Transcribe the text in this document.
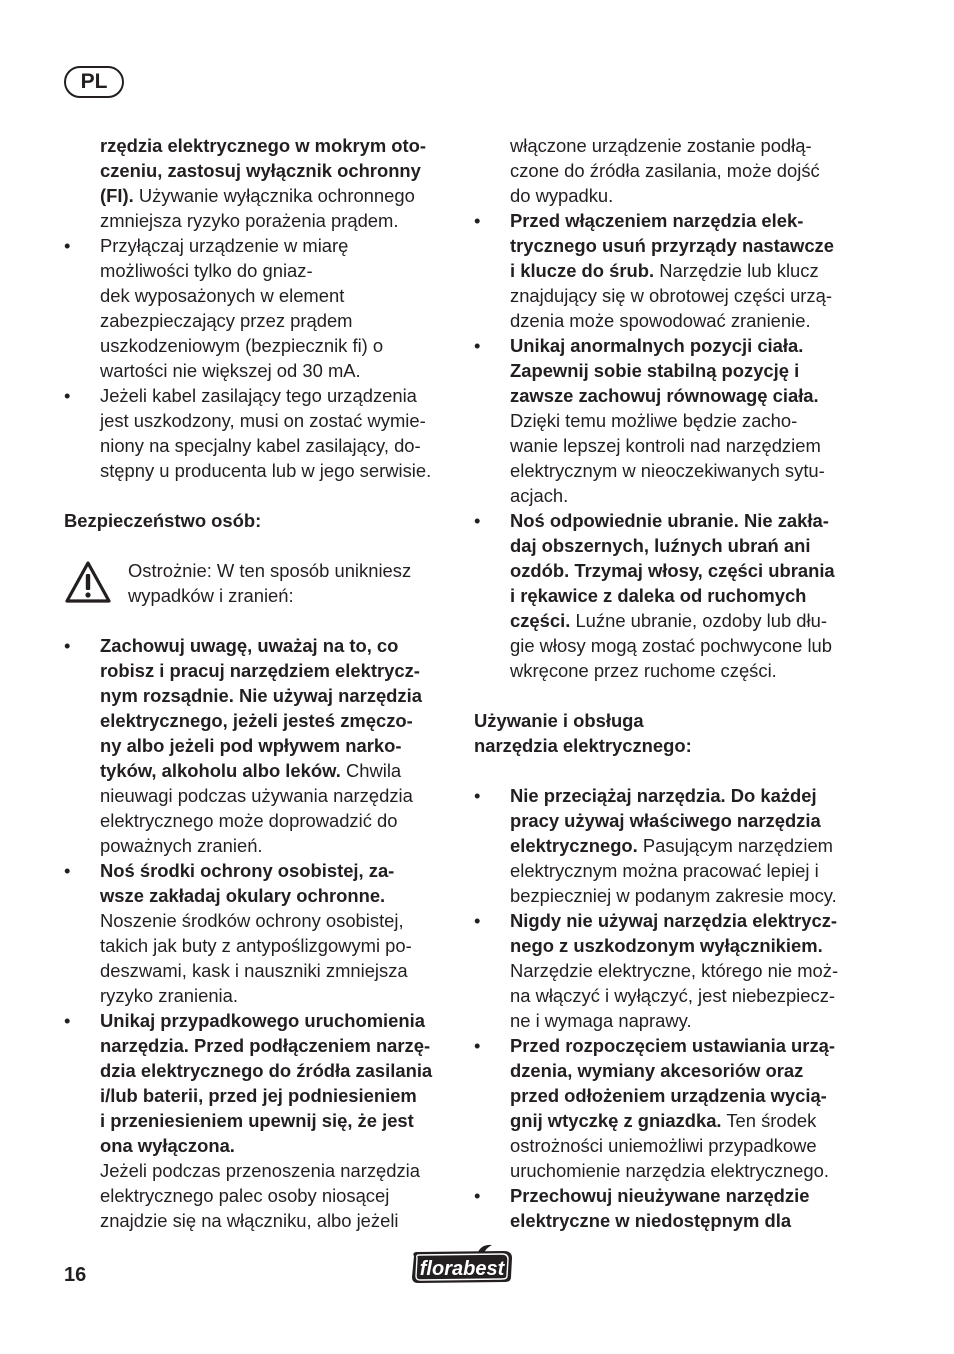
PL
rzędzia elektrycznego w mokrym oto-
czeniu, zastosuj wyłącznik ochronny
(FI). Używanie wyłącznika ochronnego
zmniejsza ryzyko porażenia prądem.
•	Przyłączaj urządzenie w miarę
możliwości tylko do gniaz-
dek wyposażonych w element
zabezpieczający przez prądem
uszkodzeniowym (bezpiecznik fi) o
wartości nie większej od 30 mA.
•	Jeżeli kabel zasilający tego urządzenia
jest uszkodzony, musi on zostać wymie-
niony na specjalny kabel zasilający, do-
stępny u producenta lub w jego serwisie.
Bezpieczeństwo osób:
Ostrożnie: W ten sposób unikniesz
wypadków i zranień:
•	Zachowuj uwagę, uważaj na to, co
robisz i pracuj narzędziem elektrycz-
nym rozsądnie. Nie używaj narzędzia
elektrycznego, jeżeli jesteś zmęczo-
ny albo jeżeli pod wpływem narko-
tyków, alkoholu albo leków. Chwila
nieuwagi podczas używania narzędzia
elektrycznego może doprowadzić do
poważnych zranień.
•	Noś środki ochrony osobistej, za-
wsze zakładaj okulary ochronne.
Noszenie środków ochrony osobistej,
takich jak buty z antypoślizgowymi po-
deszwami, kask i nauszniki zmniejsza
ryzyko zranienia.
•	Unikaj przypadkowego uruchomienia
narzędzia. Przed podłączeniem narzę-
dzia elektrycznego do źródła zasilania
i/lub baterii, przed jej podniesieniem
i przeniesieniem upewnij się, że jest
ona wyłączona.
Jeżeli podczas przenoszenia narzędzia
elektrycznego palec osoby niosącej
znajdzie się na włączniku, albo jeżeli
włączone urządzenie zostanie podłą-
czone do źródła zasilania, może dojść
do wypadku.
•	Przed włączeniem narzędzia elek-
trycznego usuń przyrządy nastawcze
i klucze do śrub. Narzędzie lub klucz
znajdujący się w obrotowej części urzą-
dzenia może spowodować zranienie.
•	Unikaj anormalnych pozycji ciała.
Zapewnij sobie stabilną pozycję i
zawsze zachowuj równowagę ciała.
Dzięki temu możliwe będzie zacho-
wanie lepszej kontroli nad narzędziem
elektrycznym w nieoczekiwanych sytu-
acjach.
•	Noś odpowiednie ubranie. Nie zakła-
daj obszernych, luźnych ubrań ani
ozdób. Trzymaj włosy, części ubrania
i rękawice z daleka od ruchomych
części. Luźne ubranie, ozdoby lub dłu-
gie włosy mogą zostać pochwycone lub
wkręcone przez ruchome części.
Używanie i obsługa
narzędzia elektrycznego:
•	Nie przeciążaj narzędzia. Do każdej
pracy używaj właściwego narzędzia
elektrycznego. Pasującym narzędziem
elektrycznym można pracować lepiej i
bezpieczniej w podanym zakresie mocy.
•	Nigdy nie używaj narzędzia elektrycz-
nego z uszkodzonym wyłącznikiem.
Narzędzie elektryczne, którego nie moż-
na włączyć i wyłączyć, jest niebezpiecz-
ne i wymaga naprawy.
•	Przed rozpoczęciem ustawiania urzą-
dzenia, wymiany akcesoriów oraz
przed odłożeniem urządzenia wycią-
gnij wtyczkę z gniazdka. Ten środek
ostrożności uniemożliwi przypadkowe
uruchomienie narzędzia elektrycznego.
•	Przechowuj nieużywane narzędzie
elektryczne w niedostępnym dla
16	florabest
